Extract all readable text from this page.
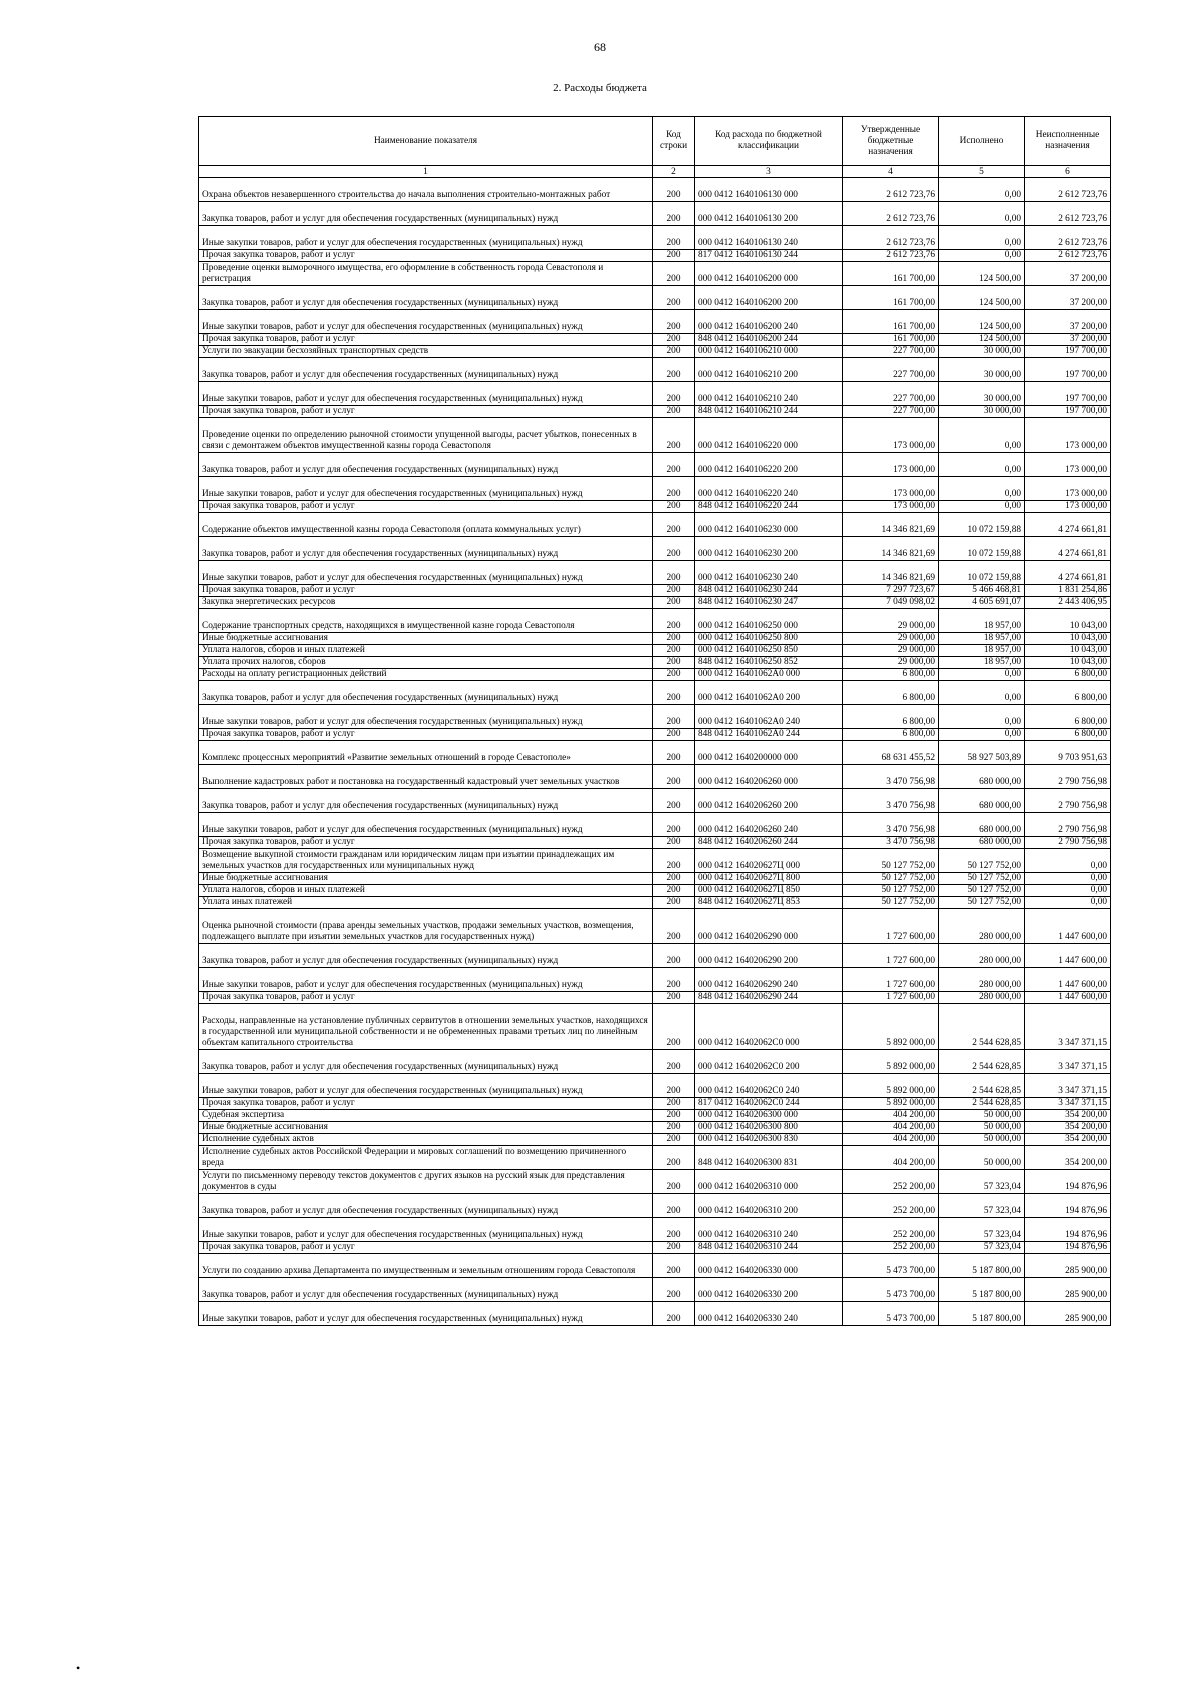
68
2. Расходы бюджета
Наименование показателя	Код строки	Код расхода по бюджетной классификации	Утвержденные бюджетные назначения	Исполнено	Неисполненные назначения
1	2	3	4	5	6
Охрана объектов незавершенного строительства до начала выполнения строительно-монтажных работ	200	000 0412 1640106130 000	2 612 723,76	0,00	2 612 723,76
Закупка товаров, работ и услуг для обеспечения государственных (муниципальных) нужд	200	000 0412 1640106130 200	2 612 723,76	0,00	2 612 723,76
Иные закупки товаров, работ и услуг для обеспечения государственных (муниципальных) нужд	200	000 0412 1640106130 240	2 612 723,76	0,00	2 612 723,76
Прочая закупка товаров, работ и услуг	200	817 0412 1640106130 244	2 612 723,76	0,00	2 612 723,76
Проведение оценки выморочного имущества, его оформление в собственность города Севастополя и регистрация	200	000 0412 1640106200 000	161 700,00	124 500,00	37 200,00
Закупка товаров, работ и услуг для обеспечения государственных (муниципальных) нужд	200	000 0412 1640106200 200	161 700,00	124 500,00	37 200,00
Иные закупки товаров, работ и услуг для обеспечения государственных (муниципальных) нужд	200	000 0412 1640106200 240	161 700,00	124 500,00	37 200,00
Прочая закупка товаров, работ и услуг	200	848 0412 1640106200 244	161 700,00	124 500,00	37 200,00
Услуги по эвакуации бесхозяйных транспортных средств	200	000 0412 1640106210 000	227 700,00	30 000,00	197 700,00
Закупка товаров, работ и услуг для обеспечения государственных (муниципальных) нужд	200	000 0412 1640106210 200	227 700,00	30 000,00	197 700,00
Иные закупки товаров, работ и услуг для обеспечения государственных (муниципальных) нужд	200	000 0412 1640106210 240	227 700,00	30 000,00	197 700,00
Прочая закупка товаров, работ и услуг	200	848 0412 1640106210 244	227 700,00	30 000,00	197 700,00
Проведение оценки по определению рыночной стоимости упущенной выгоды, расчет убытков, понесенных в связи с демонтажем объектов имущественной казны города Севастополя	200	000 0412 1640106220 000	173 000,00	0,00	173 000,00
Закупка товаров, работ и услуг для обеспечения государственных (муниципальных) нужд	200	000 0412 1640106220 200	173 000,00	0,00	173 000,00
Иные закупки товаров, работ и услуг для обеспечения государственных (муниципальных) нужд	200	000 0412 1640106220 240	173 000,00	0,00	173 000,00
Прочая закупка товаров, работ и услуг	200	848 0412 1640106220 244	173 000,00	0,00	173 000,00
Содержание объектов имущественной казны города Севастополя (оплата коммунальных услуг)	200	000 0412 1640106230 000	14 346 821,69	10 072 159,88	4 274 661,81
Закупка товаров, работ и услуг для обеспечения государственных (муниципальных) нужд	200	000 0412 1640106230 200	14 346 821,69	10 072 159,88	4 274 661,81
Иные закупки товаров, работ и услуг для обеспечения государственных (муниципальных) нужд	200	000 0412 1640106230 240	14 346 821,69	10 072 159,88	4 274 661,81
Прочая закупка товаров, работ и услуг	200	848 0412 1640106230 244	7 297 723,67	5 466 468,81	1 831 254,86
Закупка энергетических ресурсов	200	848 0412 1640106230 247	7 049 098,02	4 605 691,07	2 443 406,95
Содержание транспортных средств, находящихся в имущественной казне города Севастополя	200	000 0412 1640106250 000	29 000,00	18 957,00	10 043,00
Иные бюджетные ассигнования	200	000 0412 1640106250 800	29 000,00	18 957,00	10 043,00
Уплата налогов, сборов и иных платежей	200	000 0412 1640106250 850	29 000,00	18 957,00	10 043,00
Уплата прочих налогов, сборов	200	848 0412 1640106250 852	29 000,00	18 957,00	10 043,00
Расходы на оплату регистрационных действий	200	000 0412 16401062А0 000	6 800,00	0,00	6 800,00
Закупка товаров, работ и услуг для обеспечения государственных (муниципальных) нужд	200	000 0412 16401062А0 200	6 800,00	0,00	6 800,00
Иные закупки товаров, работ и услуг для обеспечения государственных (муниципальных) нужд	200	000 0412 16401062А0 240	6 800,00	0,00	6 800,00
Прочая закупка товаров, работ и услуг	200	848 0412 16401062А0 244	6 800,00	0,00	6 800,00
Комплекс процессных мероприятий «Развитие земельных отношений в городе Севастополе»	200	000 0412 1640200000 000	68 631 455,52	58 927 503,89	9 703 951,63
Выполнение кадастровых работ и постановка на государственный кадастровый учет земельных участков	200	000 0412 1640206260 000	3 470 756,98	680 000,00	2 790 756,98
Закупка товаров, работ и услуг для обеспечения государственных (муниципальных) нужд	200	000 0412 1640206260 200	3 470 756,98	680 000,00	2 790 756,98
Иные закупки товаров, работ и услуг для обеспечения государственных (муниципальных) нужд	200	000 0412 1640206260 240	3 470 756,98	680 000,00	2 790 756,98
Прочая закупка товаров, работ и услуг	200	848 0412 1640206260 244	3 470 756,98	680 000,00	2 790 756,98
Возмещение выкупной стоимости гражданам или юридическим лицам при изъятии принадлежащих им земельных участков для государственных или муниципальных нужд	200	000 0412 164020627Ц 000	50 127 752,00	50 127 752,00	0,00
Иные бюджетные ассигнования	200	000 0412 164020627Ц 800	50 127 752,00	50 127 752,00	0,00
Уплата налогов, сборов и иных платежей	200	000 0412 164020627Ц 850	50 127 752,00	50 127 752,00	0,00
Уплата иных платежей	200	848 0412 164020627Ц 853	50 127 752,00	50 127 752,00	0,00
Оценка рыночной стоимости (права аренды земельных участков, продажи земельных участков, возмещения, подлежащего выплате при изъятии земельных участков для государственных нужд)	200	000 0412 1640206290 000	1 727 600,00	280 000,00	1 447 600,00
Закупка товаров, работ и услуг для обеспечения государственных (муниципальных) нужд	200	000 0412 1640206290 200	1 727 600,00	280 000,00	1 447 600,00
Иные закупки товаров, работ и услуг для обеспечения государственных (муниципальных) нужд	200	000 0412 1640206290 240	1 727 600,00	280 000,00	1 447 600,00
Прочая закупка товаров, работ и услуг	200	848 0412 1640206290 244	1 727 600,00	280 000,00	1 447 600,00
Расходы, направленные на установление публичных сервитутов в отношении земельных участков, находящихся в государственной или муниципальной собственности и не обремененных правами третьих лиц по линейным объектам капитального строительства	200	000 0412 16402062С0 000	5 892 000,00	2 544 628,85	3 347 371,15
Закупка товаров, работ и услуг для обеспечения государственных (муниципальных) нужд	200	000 0412 16402062С0 200	5 892 000,00	2 544 628,85	3 347 371,15
Иные закупки товаров, работ и услуг для обеспечения государственных (муниципальных) нужд	200	000 0412 16402062С0 240	5 892 000,00	2 544 628,85	3 347 371,15
Прочая закупка товаров, работ и услуг	200	817 0412 16402062С0 244	5 892 000,00	2 544 628,85	3 347 371,15
Судебная экспертиза	200	000 0412 1640206300 000	404 200,00	50 000,00	354 200,00
Иные бюджетные ассигнования	200	000 0412 1640206300 800	404 200,00	50 000,00	354 200,00
Исполнение судебных актов	200	000 0412 1640206300 830	404 200,00	50 000,00	354 200,00
Исполнение судебных актов Российской Федерации и мировых соглашений по возмещению причиненного вреда	200	848 0412 1640206300 831	404 200,00	50 000,00	354 200,00
Услуги по письменному переводу текстов документов с других языков на русский язык для представления документов в суды	200	000 0412 1640206310 000	252 200,00	57 323,04	194 876,96
Закупка товаров, работ и услуг для обеспечения государственных (муниципальных) нужд	200	000 0412 1640206310 200	252 200,00	57 323,04	194 876,96
Иные закупки товаров, работ и услуг для обеспечения государственных (муниципальных) нужд	200	000 0412 1640206310 240	252 200,00	57 323,04	194 876,96
Прочая закупка товаров, работ и услуг	200	848 0412 1640206310 244	252 200,00	57 323,04	194 876,96
Услуги по созданию архива Департамента по имущественным и земельным отношениям города Севастополя	200	000 0412 1640206330 000	5 473 700,00	5 187 800,00	285 900,00
Закупка товаров, работ и услуг для обеспечения государственных (муниципальных) нужд	200	000 0412 1640206330 200	5 473 700,00	5 187 800,00	285 900,00
Иные закупки товаров, работ и услуг для обеспечения государственных (муниципальных) нужд	200	000 0412 1640206330 240	5 473 700,00	5 187 800,00	285 900,00
•
